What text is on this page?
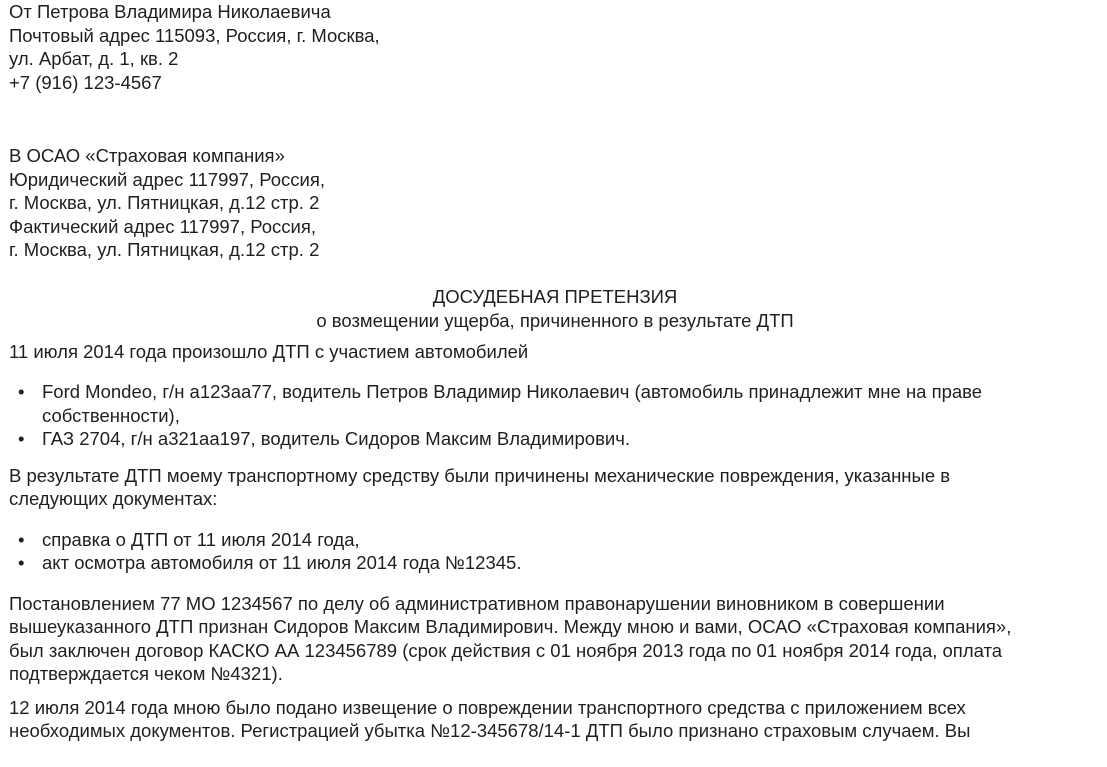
От Петрова Владимира Николаевича
Почтовый адрес 115093, Россия, г. Москва,
ул. Арбат, д. 1, кв. 2
+7 (916) 123-4567
В ОСАО «Страховая компания»
Юридический адрес 117997, Россия,
г. Москва, ул. Пятницкая, д.12 стр. 2
Фактический адрес 117997, Россия,
г. Москва, ул. Пятницкая, д.12 стр. 2
ДОСУДЕБНАЯ ПРЕТЕНЗИЯ
о возмещении ущерба, причиненного в результате ДТП

11 июля 2014 года произошло ДТП с участием автомобилей

• Ford Mondeo, г/н а123аа77, водитель Петров Владимир Николаевич (автомобиль принадлежит мне на праве
собственности),
• ГАЗ 2704, г/н а321аа197, водитель Сидоров Максим Владимирович.
В результате ДТП моему транспортному средству были причинены механические повреждения, указанные в
следующих документах:
• справка о ДТП от 11 июля 2014 года,
• акт осмотра автомобиля от 11 июля 2014 года №12345.
Постановлением 77 МО 1234567 по делу об административном правонарушении виновником в совершении
вышеуказанного ДТП признан Сидоров Максим Владимирович. Между мною и вами, ОСАО «Страховая компания»,
был заключен договор КАСКО АА 123456789 (срок действия с 01 ноября 2013 года по 01 ноября 2014 года, оплата
подтверждается чеком №4321).
12 июля 2014 года мною было подано извещение о повреждении транспортного средства с приложением всех
необходимых документов. Регистрацией убытка №12-345678/14-1 ДТП было признано страховым случаем. Вы
